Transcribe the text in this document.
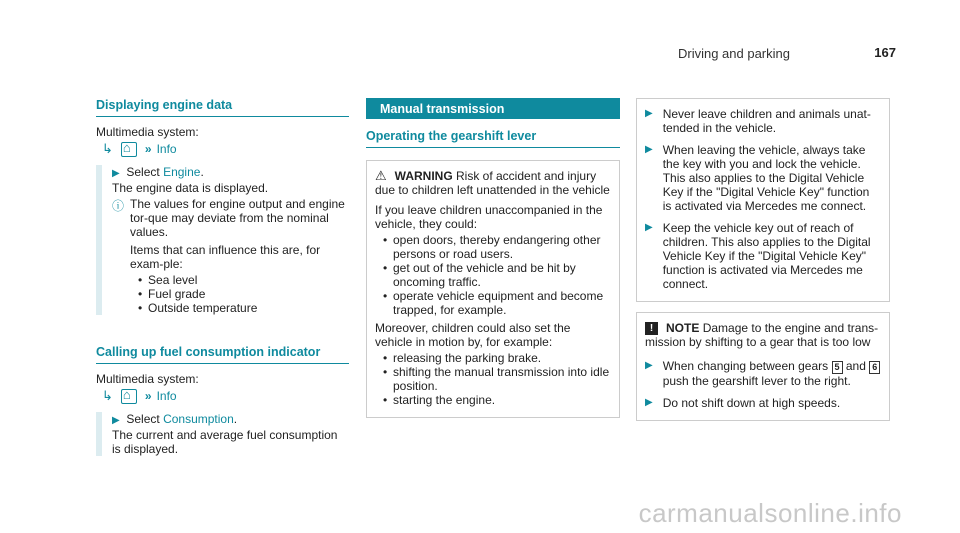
Driving and parking	167
Displaying engine data

Multimedia system:

↳ ⌂	» Info

▶ Select Engine.

The engine data is displayed.

ⓘ The values for engine output and engine tor-que may deviate from the nominal values.

Items that can influence this are, for exam-ple:

• Sea level
• Fuel grade
• Outside temperature
Calling up fuel consumption indicator

Multimedia system:

↳ ⌂	» Info

▶ Select Consumption.

The current and average fuel consumption is displayed.

Manual transmission
Operating the gearshift lever

⚠ WARNING Risk of accident and injury due to children left unattended in the vehicle

If you leave children unaccompanied in the vehicle, they could:

• open doors, thereby endangering other persons or road users.
• get out of the vehicle and be hit by oncoming traffic.
• operate vehicle equipment and become trapped, for example.

Moreover, children could also set the vehicle in motion by, for example:

• releasing the parking brake.
• shifting the manual transmission into idle position.
• starting the engine.
▶ Never leave children and animals unat-tended in the vehicle.

▶ When leaving the vehicle, always take the key with you and lock the vehicle. This also applies to the Digital Vehicle Key if the "Digital Vehicle Key" function is activated via Mercedes me connect.

▶ Keep the vehicle key out of reach of children. This also applies to the Digital Vehicle Key if the "Digital Vehicle Key" function is activated via Mercedes me connect.

! NOTE Damage to the engine and trans-mission by shifting to a gear that is too low

▶ When changing between gears 5 and 6 push the gearshift lever to the right.

▶ Do not shift down at high speeds.

carmanualsonline.info
